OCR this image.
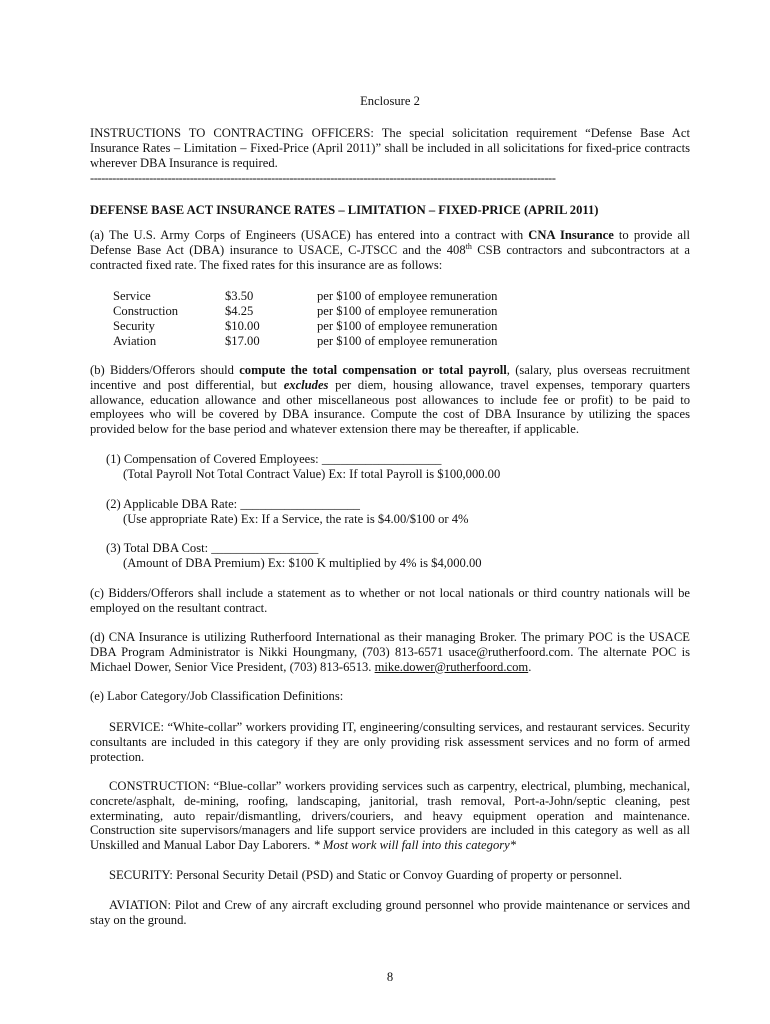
Enclosure 2
INSTRUCTIONS TO CONTRACTING OFFICERS: The special solicitation requirement “Defense Base Act Insurance Rates – Limitation – Fixed-Price (April 2011)” shall be included in all solicitations for fixed-price contracts wherever DBA Insurance is required.
------------------------------------------------------------------------------------------------------------------------------
DEFENSE BASE ACT INSURANCE RATES – LIMITATION – FIXED-PRICE (APRIL 2011)
(a) The U.S. Army Corps of Engineers (USACE) has entered into a contract with CNA Insurance to provide all Defense Base Act (DBA) insurance to USACE, C-JTSCC and the 408th CSB contractors and subcontractors at a contracted fixed rate. The fixed rates for this insurance are as follows:
Service	$3.50	per $100 of employee remuneration
Construction	$4.25	per $100 of employee remuneration
Security	$10.00	per $100 of employee remuneration
Aviation	$17.00	per $100 of employee remuneration
(b) Bidders/Offerors should compute the total compensation or total payroll, (salary, plus overseas recruitment incentive and post differential, but excludes per diem, housing allowance, travel expenses, temporary quarters allowance, education allowance and other miscellaneous post allowances to include fee or profit) to be paid to employees who will be covered by DBA insurance. Compute the cost of DBA Insurance by utilizing the spaces provided below for the base period and whatever extension there may be thereafter, if applicable.
(1) Compensation of Covered Employees: ___________________
(Total Payroll Not Total Contract Value) Ex: If total Payroll is $100,000.00
(2) Applicable DBA Rate: ___________________
(Use appropriate Rate) Ex: If a Service, the rate is $4.00/$100 or 4%
(3) Total DBA Cost: _________________
(Amount of DBA Premium) Ex: $100 K multiplied by 4% is $4,000.00
(c) Bidders/Offerors shall include a statement as to whether or not local nationals or third country nationals will be employed on the resultant contract.
(d) CNA Insurance is utilizing Rutherfoord International as their managing Broker. The primary POC is the USACE DBA Program Administrator is Nikki Houngmany, (703) 813-6571 usace@rutherfoord.com. The alternate POC is Michael Dower, Senior Vice President, (703) 813-6513. mike.dower@rutherfoord.com.
(e) Labor Category/Job Classification Definitions:
SERVICE: “White-collar” workers providing IT, engineering/consulting services, and restaurant services. Security consultants are included in this category if they are only providing risk assessment services and no form of armed protection.
CONSTRUCTION: “Blue-collar” workers providing services such as carpentry, electrical, plumbing, mechanical, concrete/asphalt, de-mining, roofing, landscaping, janitorial, trash removal, Port-a-John/septic cleaning, pest exterminating, auto repair/dismantling, drivers/couriers, and heavy equipment operation and maintenance. Construction site supervisors/managers and life support service providers are included in this category as well as all Unskilled and Manual Labor Day Laborers. * Most work will fall into this category*
SECURITY: Personal Security Detail (PSD) and Static or Convoy Guarding of property or personnel.
AVIATION: Pilot and Crew of any aircraft excluding ground personnel who provide maintenance or services and stay on the ground.
8
